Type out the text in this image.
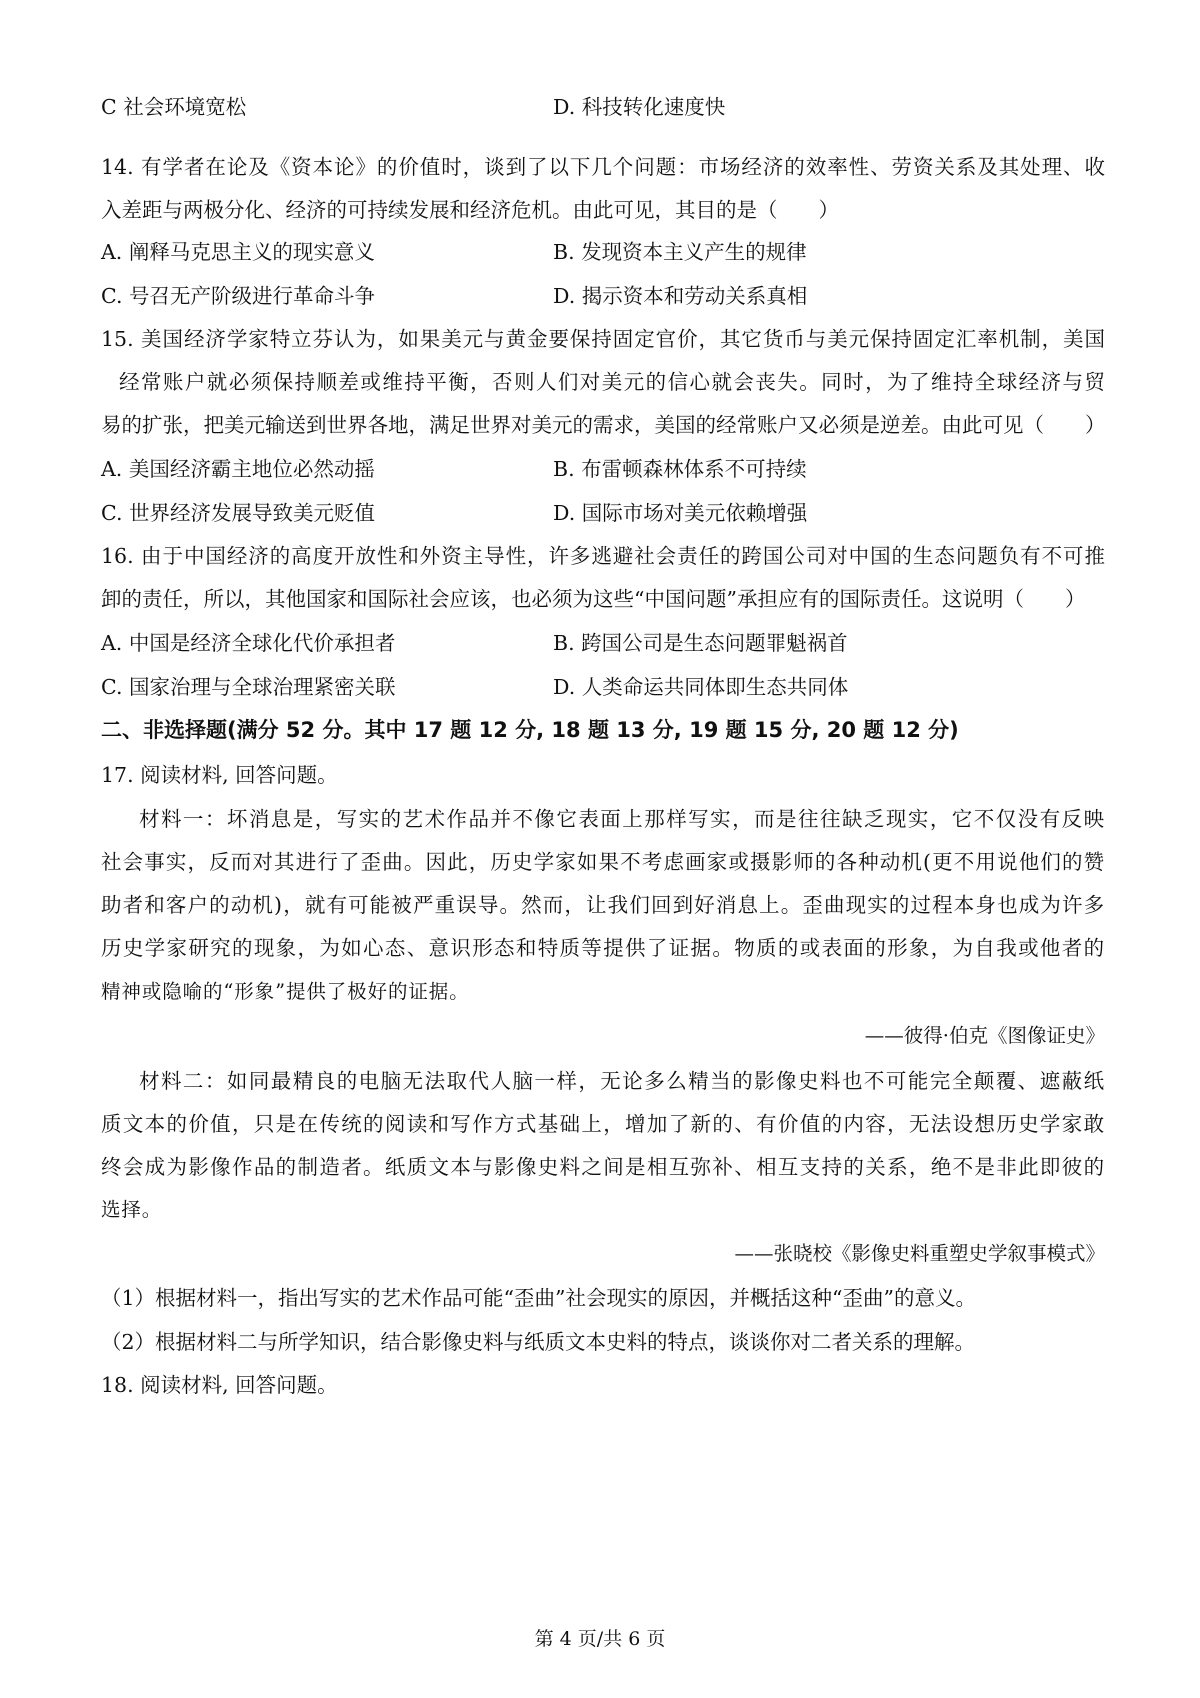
C 社会环境宽松	D. 科技转化速度快
14. 有学者在论及《资本论》的价值时，谈到了以下几个问题：市场经济的效率性、劳资关系及其处理、收
入差距与两极分化、经济的可持续发展和经济危机。由此可见，其目的是（　　）
A. 阐释马克思主义的现实意义	B. 发现资本主义产生的规律
C. 号召无产阶级进行革命斗争	D. 揭示资本和劳动关系真相
15. 美国经济学家特立芬认为，如果美元与黄金要保持固定官价，其它货币与美元保持固定汇率机制，美国
经常账户就必须保持顺差或维持平衡，否则人们对美元的信心就会丧失。同时，为了维持全球经济与贸
易的扩张，把美元输送到世界各地，满足世界对美元的需求，美国的经常账户又必须是逆差。由此可见（　　）
A. 美国经济霸主地位必然动摇	B. 布雷顿森林体系不可持续
C. 世界经济发展导致美元贬值	D. 国际市场对美元依赖增强
16. 由于中国经济的高度开放性和外资主导性，许多逃避社会责任的跨国公司对中国的生态问题负有不可推
卸的责任，所以，其他国家和国际社会应该，也必须为这些“中国问题”承担应有的国际责任。这说明（　　）
A. 中国是经济全球化代价承担者	B. 跨国公司是生态问题罪魁祸首
C. 国家治理与全球治理紧密关联	D. 人类命运共同体即生态共同体
二、非选择题(满分 52 分。其中 17 题 12 分, 18 题 13 分, 19 题 15 分, 20 题 12 分)
17. 阅读材料, 回答问题。
材料一：坏消息是，写实的艺术作品并不像它表面上那样写实，而是往往缺乏现实，它不仅没有反映
社会事实，反而对其进行了歪曲。因此，历史学家如果不考虑画家或摄影师的各种动机(更不用说他们的赞
助者和客户的动机)，就有可能被严重误导。然而，让我们回到好消息上。歪曲现实的过程本身也成为许多
历史学家研究的现象，为如心态、意识形态和特质等提供了证据。物质的或表面的形象，为自我或他者的
精神或隐喻的“形象”提供了极好的证据。
——彼得·伯克《图像证史》
材料二：如同最精良的电脑无法取代人脑一样，无论多么精当的影像史料也不可能完全颠覆、遮蔽纸
质文本的价值，只是在传统的阅读和写作方式基础上，增加了新的、有价值的内容，无法设想历史学家敢
终会成为影像作品的制造者。纸质文本与影像史料之间是相互弥补、相互支持的关系，绝不是非此即彼的
选择。
——张晓校《影像史料重塑史学叙事模式》
（1）根据材料一，指出写实的艺术作品可能“歪曲”社会现实的原因，并概括这种“歪曲”的意义。
（2）根据材料二与所学知识，结合影像史料与纸质文本史料的特点，谈谈你对二者关系的理解。
18. 阅读材料, 回答问题。
第 4 页/共 6 页
